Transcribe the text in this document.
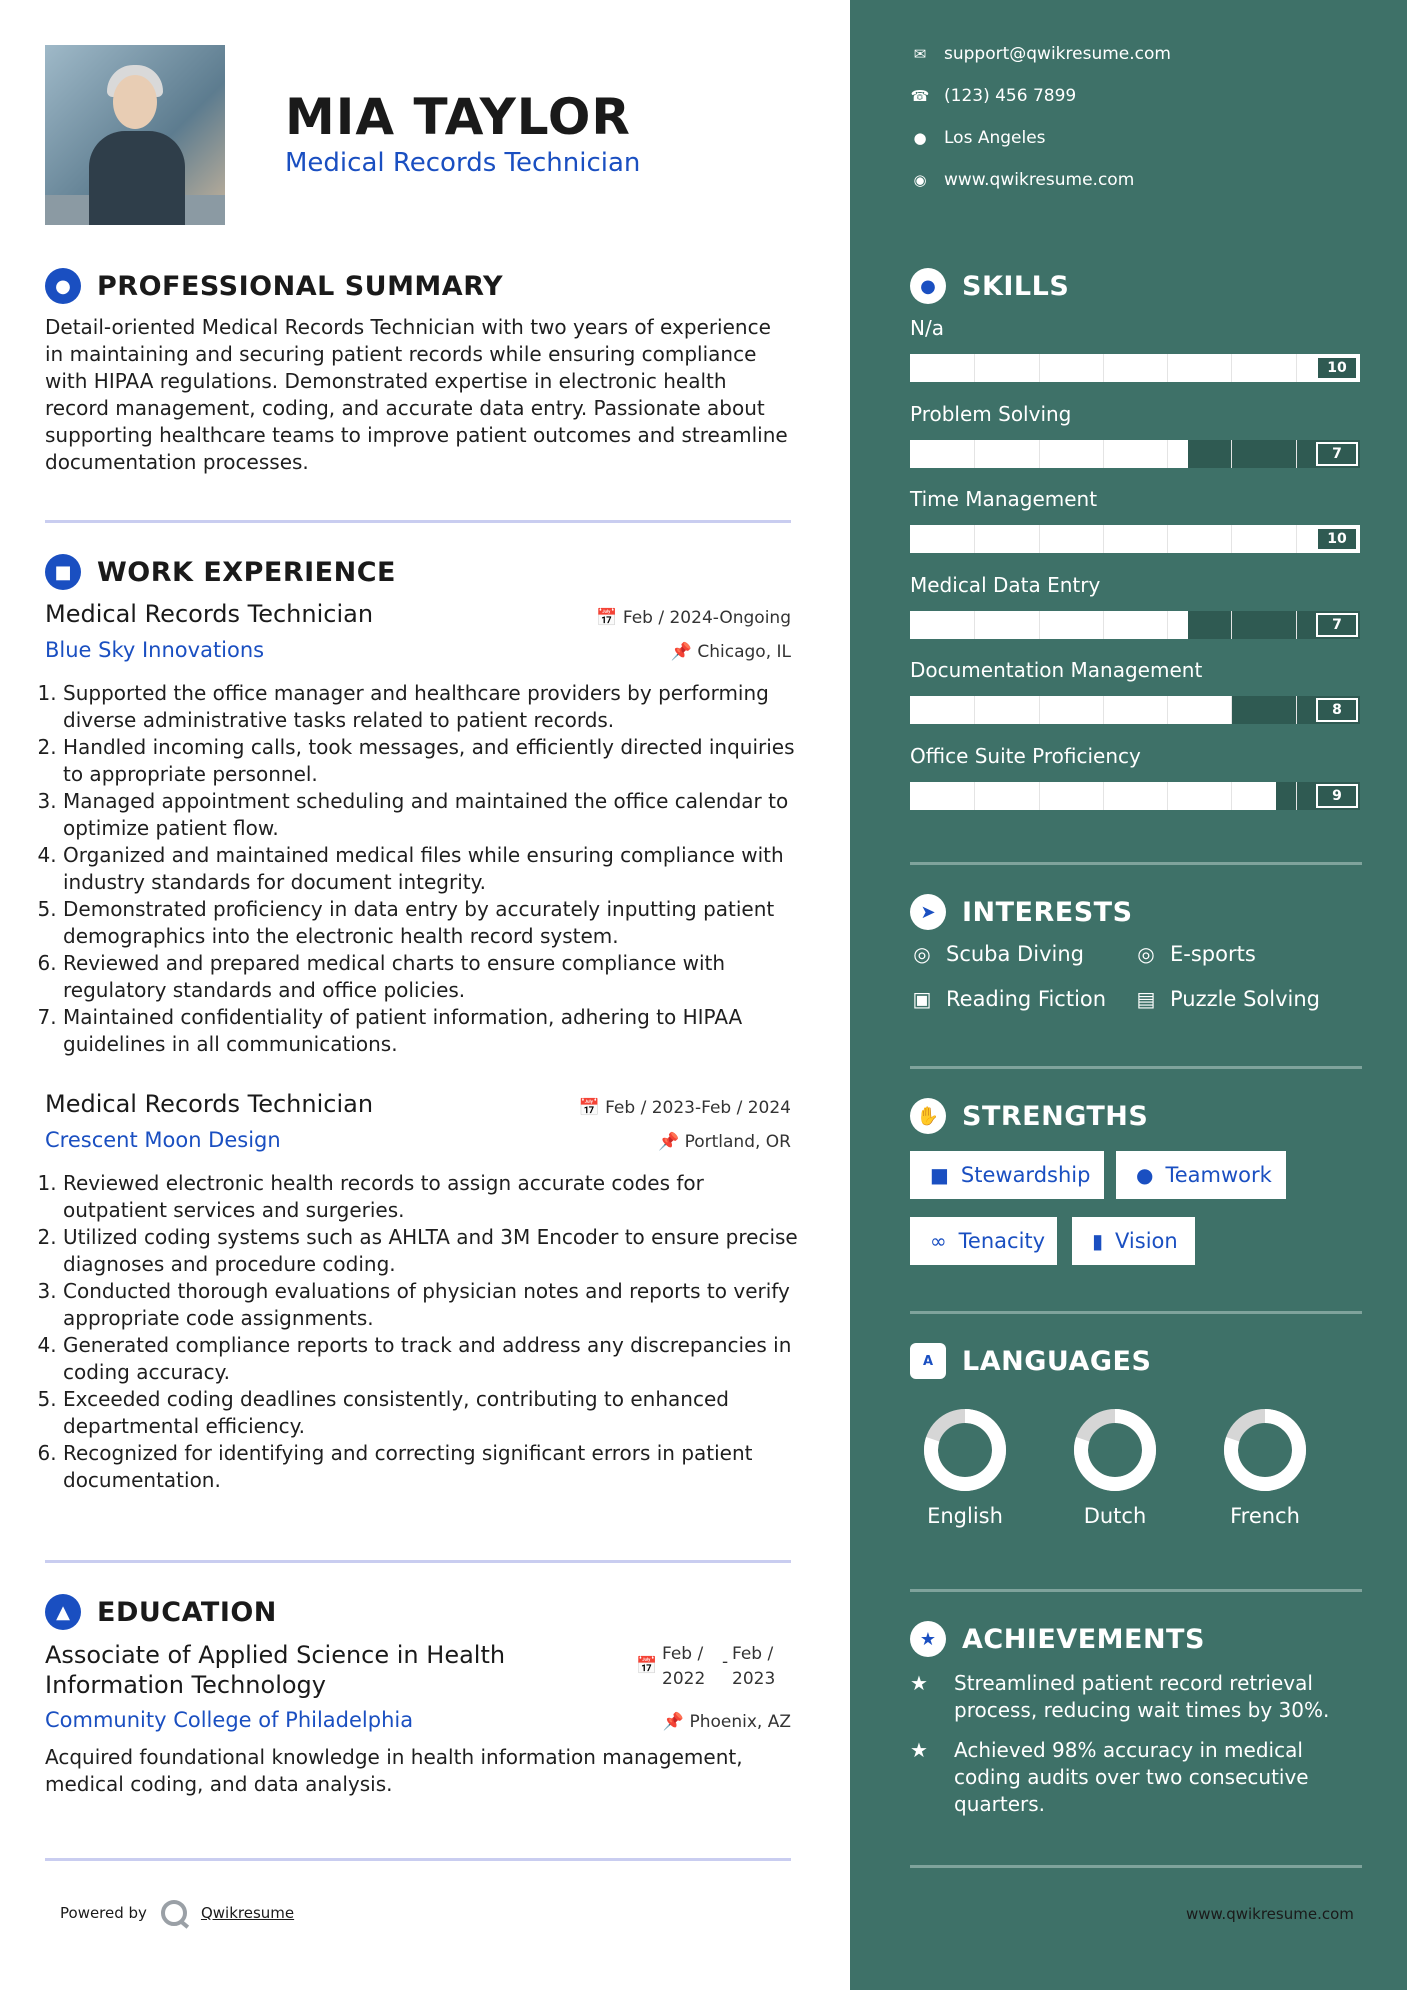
MIA TAYLOR
Medical Records Technician
● PROFESSIONAL SUMMARY
Detail-oriented Medical Records Technician with two years of experience in maintaining and securing patient records while ensuring compliance with HIPAA regulations. Demonstrated expertise in electronic health record management, coding, and accurate data entry. Passionate about supporting healthcare teams to improve patient outcomes and streamline documentation processes.
■ WORK EXPERIENCE
Medical Records Technician	📅 Feb / 2024-Ongoing
Blue Sky Innovations	📌 Chicago, IL
1. Supported the office manager and healthcare providers by performing diverse administrative tasks related to patient records.
2. Handled incoming calls, took messages, and efficiently directed inquiries to appropriate personnel.
3. Managed appointment scheduling and maintained the office calendar to optimize patient flow.
4. Organized and maintained medical files while ensuring compliance with industry standards for document integrity.
5. Demonstrated proficiency in data entry by accurately inputting patient demographics into the electronic health record system.
6. Reviewed and prepared medical charts to ensure compliance with regulatory standards and office policies.
7. Maintained confidentiality of patient information, adhering to HIPAA guidelines in all communications.
Medical Records Technician	📅 Feb / 2023-Feb / 2024
Crescent Moon Design	📌 Portland, OR
1. Reviewed electronic health records to assign accurate codes for outpatient services and surgeries.
2. Utilized coding systems such as AHLTA and 3M Encoder to ensure precise diagnoses and procedure coding.
3. Conducted thorough evaluations of physician notes and reports to verify appropriate code assignments.
4. Generated compliance reports to track and address any discrepancies in coding accuracy.
5. Exceeded coding deadlines consistently, contributing to enhanced departmental efficiency.
6. Recognized for identifying and correcting significant errors in patient documentation.
▲	EDUCATION
Associate of Applied Science in Health Information Technology
📅
Feb /
2022
- Feb /
2023
Community College of Philadelphia	📌 Phoenix, AZ
Acquired foundational knowledge in health information management, medical coding, and data analysis.
Powered by	Qwikresume
✉ support@qwikresume.com
☎ (123) 456 7899
● Los Angeles
◉ www.qwikresume.com
● SKILLS
➤ INTERESTS
◎ Scuba Diving	◎ E-sports
▣ Reading Fiction ▤ Puzzle Solving
✋ STRENGTHS
■ Stewardship ● Teamwork
∞ Tenacity ▮ Vision
A	LANGUAGES
★ ACHIEVEMENTS
★	Streamlined patient record retrieval process, reducing wait times by 30%.
★	Achieved 98% accuracy in medical coding audits over two consecutive quarters.
www.qwikresume.com
N/a
10
Problem Solving
7
Time Management
10
Medical Data Entry
7
Documentation Management
8
Office Suite Proficiency
9
English	Dutch	French
